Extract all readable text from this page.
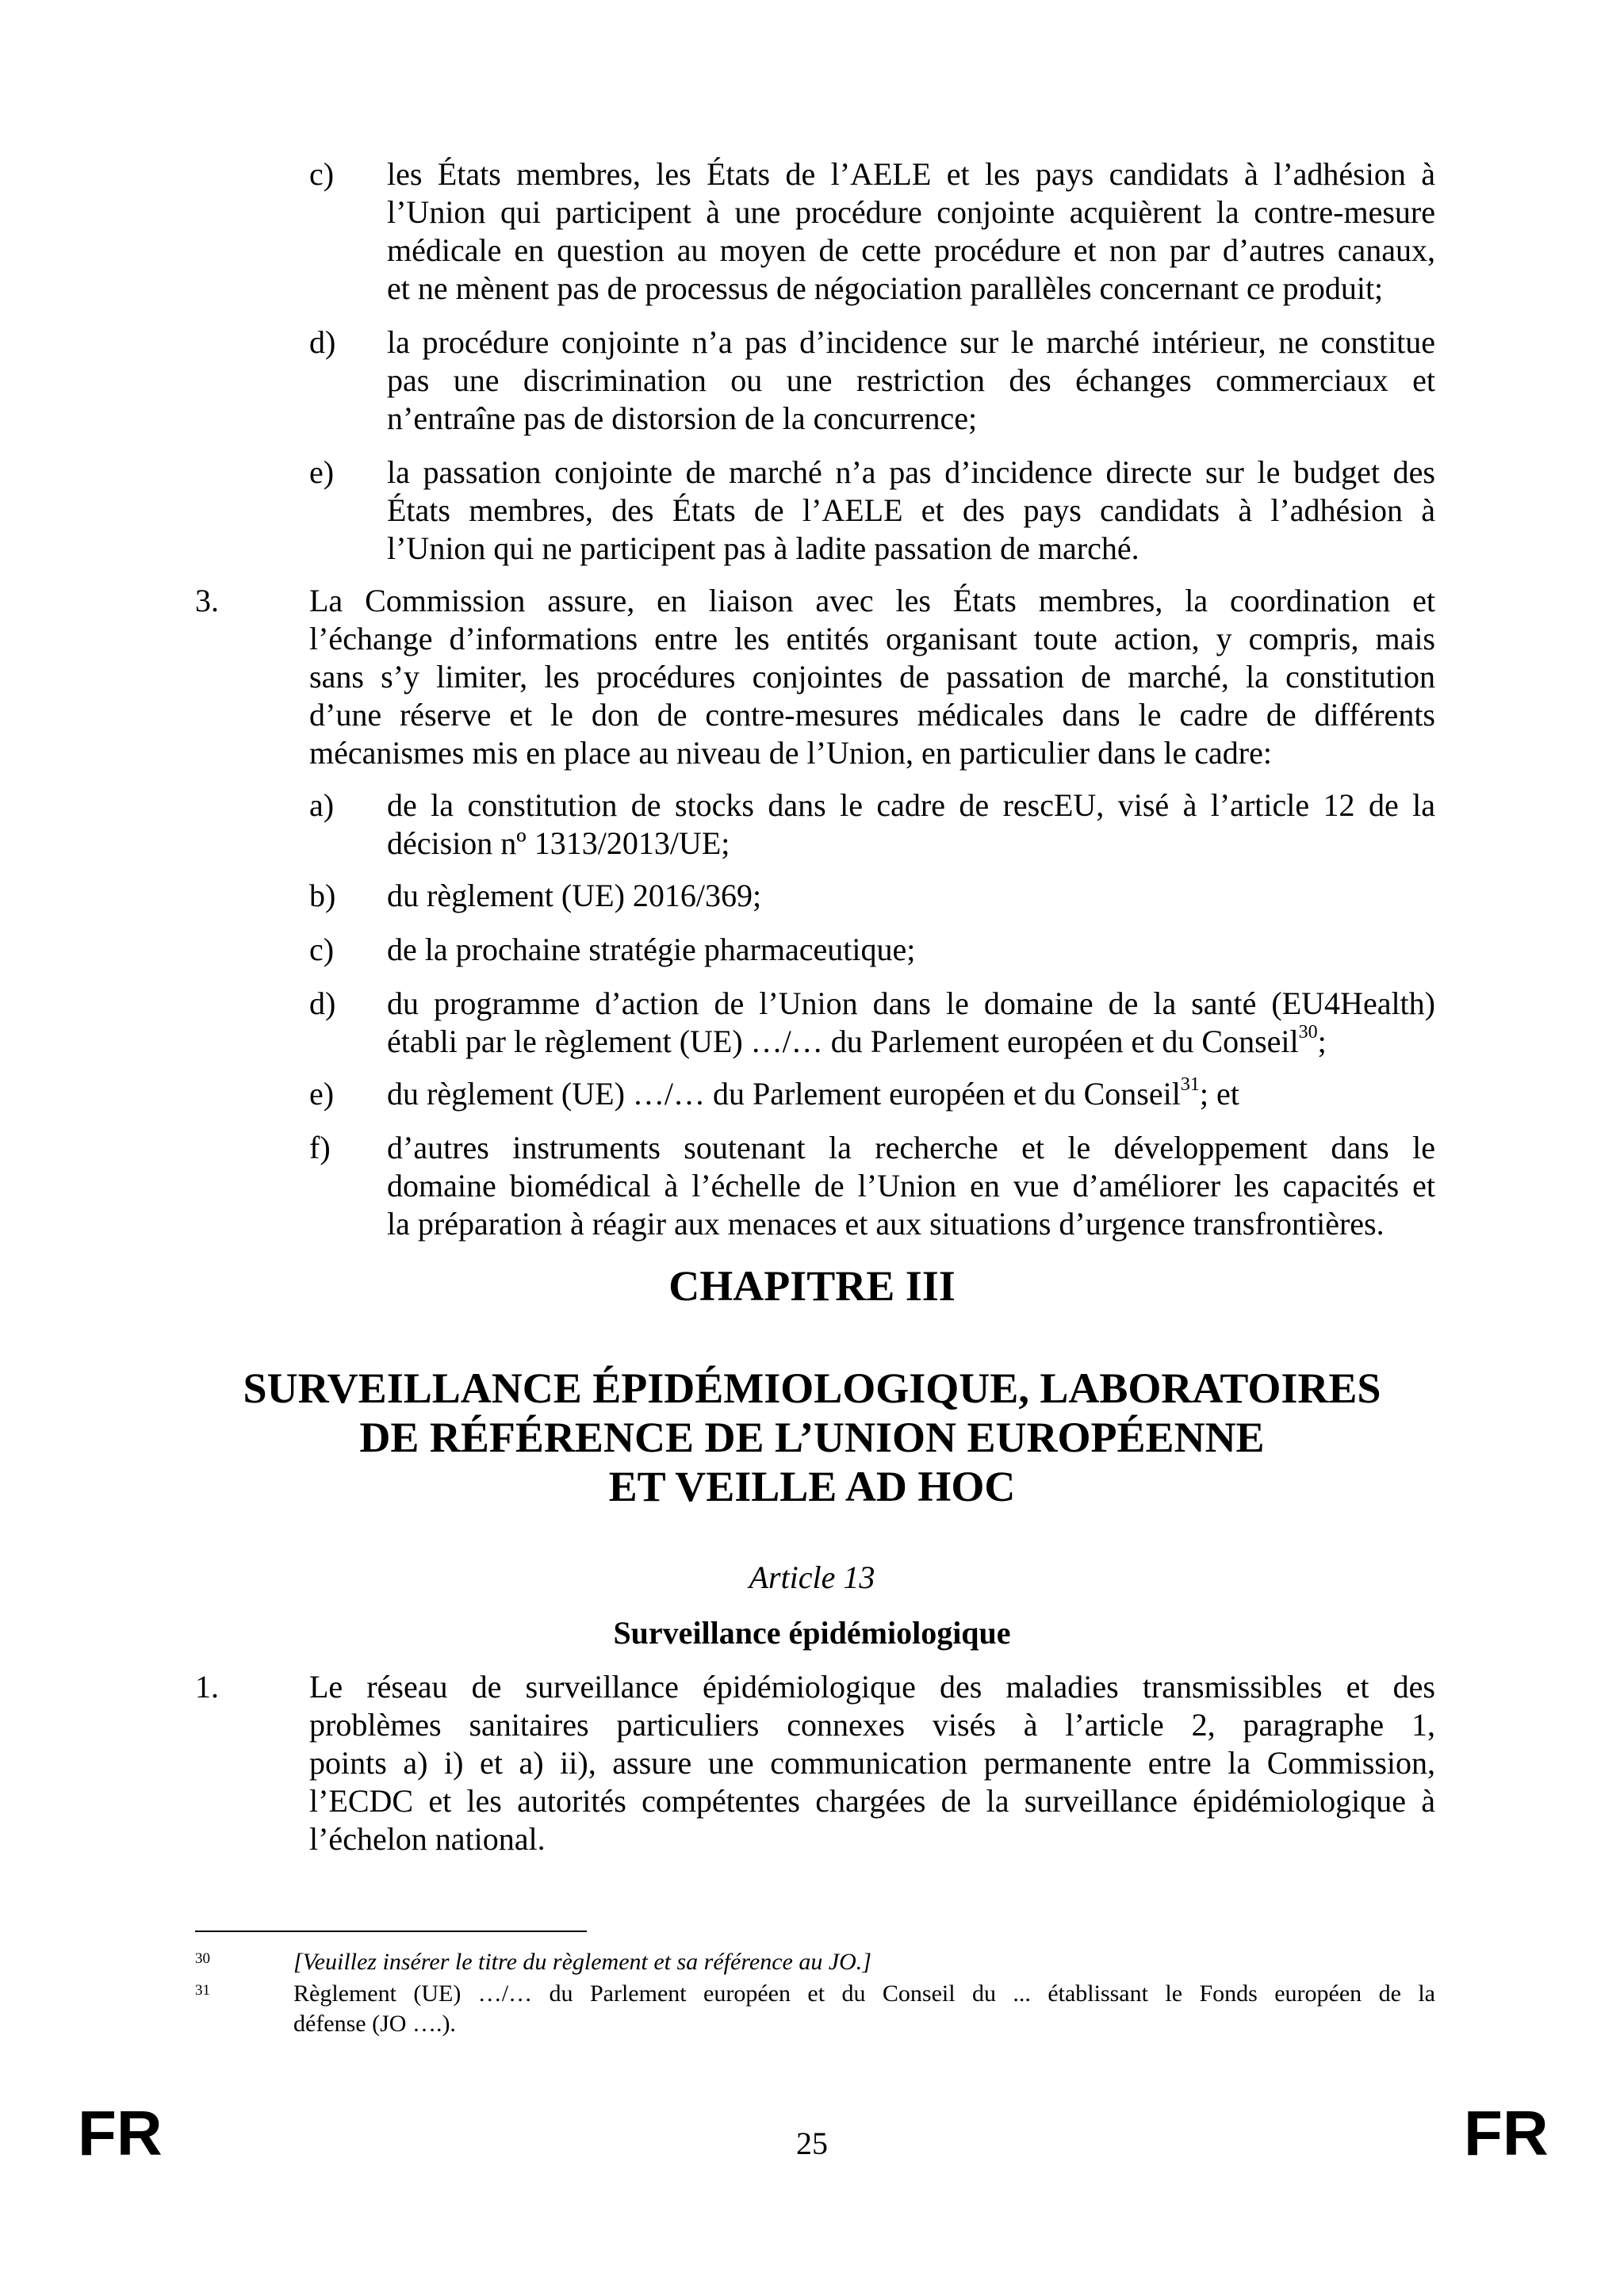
c) les États membres, les États de l’AELE et les pays candidats à l’adhésion à
l’Union qui participent à une procédure conjointe acquièrent la contre-mesure
médicale en question au moyen de cette procédure et non par d’autres canaux,
et ne mènent pas de processus de négociation parallèles concernant ce produit;
d) la procédure conjointe n’a pas d’incidence sur le marché intérieur, ne constitue
pas une discrimination ou une restriction des échanges commerciaux et
n’entraîne pas de distorsion de la concurrence;
e) la passation conjointe de marché n’a pas d’incidence directe sur le budget des
États membres, des États de l’AELE et des pays candidats à l’adhésion à
l’Union qui ne participent pas à ladite passation de marché.
3.	La Commission assure, en liaison avec les États membres, la coordination et
l’échange d’informations entre les entités organisant toute action, y compris, mais
sans s’y limiter, les procédures conjointes de passation de marché, la constitution
d’une réserve et le don de contre-mesures médicales dans le cadre de différents
mécanismes mis en place au niveau de l’Union, en particulier dans le cadre:
a) de la constitution de stocks dans le cadre de rescEU, visé à l’article 12 de la
décision nº 1313/2013/UE;
b) du règlement (UE) 2016/369;
c) de la prochaine stratégie pharmaceutique;
d) du programme d’action de l’Union dans le domaine de la santé (EU4Health)
établi par le règlement (UE) …/… du Parlement européen et du Conseil$^{30}$;
e) du règlement (UE) …/… du Parlement européen et du Conseil$^{31}$; et
f) d’autres instruments soutenant la recherche et le développement dans le
domaine biomédical à l’échelle de l’Union en vue d’améliorer les capacités et
la préparation à réagir aux menaces et aux situations d’urgence transfrontières.
CHAPITRE III
SURVEILLANCE ÉPIDÉMIOLOGIQUE, LABORATOIRES
DE RÉFÉRENCE DE L’UNION EUROPÉENNE
ET VEILLE AD HOC
Article 13
Surveillance épidémiologique
1.	Le réseau de surveillance épidémiologique des maladies transmissibles et des
problèmes sanitaires particuliers connexes visés à l’article 2, paragraphe 1,
points a) i) et a) ii), assure une communication permanente entre la Commission,
l’ECDC et les autorités compétentes chargées de la surveillance épidémiologique à
l’échelon national.
30	[Veuillez insérer le titre du règlement et sa référence au JO.]
31	Règlement (UE) …/… du Parlement européen et du Conseil du ... établissant le Fonds européen de la
défense (JO ….).
FR	25	FR
